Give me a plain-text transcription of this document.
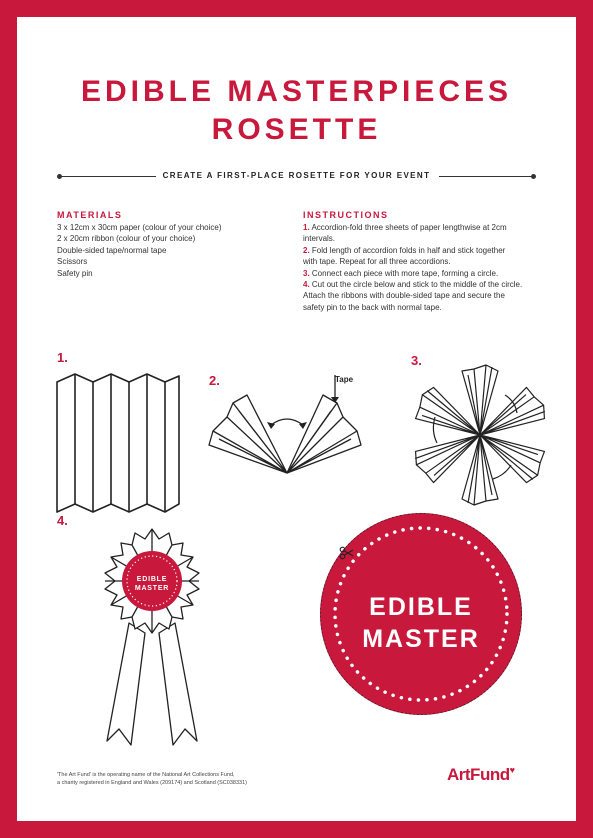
EDIBLE MASTERPIECES
ROSETTE
CREATE A FIRST-PLACE ROSETTE FOR YOUR EVENT
MATERIALS
3 x 12cm x 30cm paper (colour of your choice)
2 x 20cm ribbon (colour of your choice)
Double-sided tape/normal tape
Scissors
Safety pin
INSTRUCTIONS
1. Accordion-fold three sheets of paper lengthwise at 2cm
intervals.
2. Fold length of accordion folds in half and stick together
with tape. Repeat for all three accordions.
3. Connect each piece with more tape, forming a circle.
4. Cut out the circle below and stick to the middle of the circle.
Attach the ribbons with double-sided tape and secure the
safety pin to the back with normal tape.
1.
2.	Tape
3.
4.
EDIBLE
MASTER
EDIBLE
MASTER
'The Art Fund' is the operating name of the National Art Collections Fund,
a charity registered in England and Wales (209174) and Scotland (SC038331)	ArtFund♥
